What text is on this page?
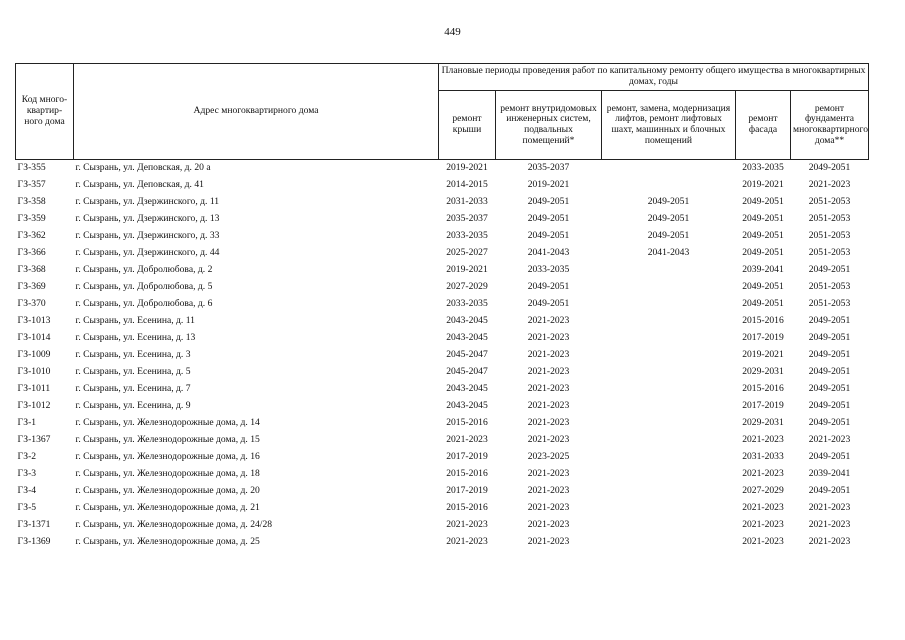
449
Код много-квартир-ного дома	Адрес многоквартирного дома	Плановые периоды проведения работ по капитальному ремонту общего имущества в многоквартирных домах, годы				
		ремонт крыши	ремонт внутридомовых инженерных систем, подвальных помещений*	ремонт, замена, модернизация лифтов, ремонт лифтовых шахт, машинных и блочных помещений	ремонт фасада	ремонт фундамента многоквартирного дома**
ГЗ-355	г. Сызрань, ул. Деповская, д. 20 а	2019-2021	2035-2037		2033-2035	2049-2051
ГЗ-357	г. Сызрань, ул. Деповская, д. 41	2014-2015	2019-2021		2019-2021	2021-2023
ГЗ-358	г. Сызрань, ул. Дзержинского, д. 11	2031-2033	2049-2051	2049-2051	2049-2051	2051-2053
ГЗ-359	г. Сызрань, ул. Дзержинского, д. 13	2035-2037	2049-2051	2049-2051	2049-2051	2051-2053
ГЗ-362	г. Сызрань, ул. Дзержинского, д. 33	2033-2035	2049-2051	2049-2051	2049-2051	2051-2053
ГЗ-366	г. Сызрань, ул. Дзержинского, д. 44	2025-2027	2041-2043	2041-2043	2049-2051	2051-2053
ГЗ-368	г. Сызрань, ул. Добролюбова, д. 2	2019-2021	2033-2035		2039-2041	2049-2051
ГЗ-369	г. Сызрань, ул. Добролюбова, д. 5	2027-2029	2049-2051		2049-2051	2051-2053
ГЗ-370	г. Сызрань, ул. Добролюбова, д. 6	2033-2035	2049-2051		2049-2051	2051-2053
ГЗ-1013	г. Сызрань, ул. Есенина, д. 11	2043-2045	2021-2023		2015-2016	2049-2051
ГЗ-1014	г. Сызрань, ул. Есенина, д. 13	2043-2045	2021-2023		2017-2019	2049-2051
ГЗ-1009	г. Сызрань, ул. Есенина, д. 3	2045-2047	2021-2023		2019-2021	2049-2051
ГЗ-1010	г. Сызрань, ул. Есенина, д. 5	2045-2047	2021-2023		2029-2031	2049-2051
ГЗ-1011	г. Сызрань, ул. Есенина, д. 7	2043-2045	2021-2023		2015-2016	2049-2051
ГЗ-1012	г. Сызрань, ул. Есенина, д. 9	2043-2045	2021-2023		2017-2019	2049-2051
ГЗ-1	г. Сызрань, ул. Железнодорожные дома, д. 14	2015-2016	2021-2023		2029-2031	2049-2051
ГЗ-1367	г. Сызрань, ул. Железнодорожные дома, д. 15	2021-2023	2021-2023		2021-2023	2021-2023
ГЗ-2	г. Сызрань, ул. Железнодорожные дома, д. 16	2017-2019	2023-2025		2031-2033	2049-2051
ГЗ-3	г. Сызрань, ул. Железнодорожные дома, д. 18	2015-2016	2021-2023		2021-2023	2039-2041
ГЗ-4	г. Сызрань, ул. Железнодорожные дома, д. 20	2017-2019	2021-2023		2027-2029	2049-2051
ГЗ-5	г. Сызрань, ул. Железнодорожные дома, д. 21	2015-2016	2021-2023		2021-2023	2021-2023
ГЗ-1371	г. Сызрань, ул. Железнодорожные дома, д. 24/28	2021-2023	2021-2023		2021-2023	2021-2023
ГЗ-1369	г. Сызрань, ул. Железнодорожные дома, д. 25	2021-2023	2021-2023		2021-2023	2021-2023
